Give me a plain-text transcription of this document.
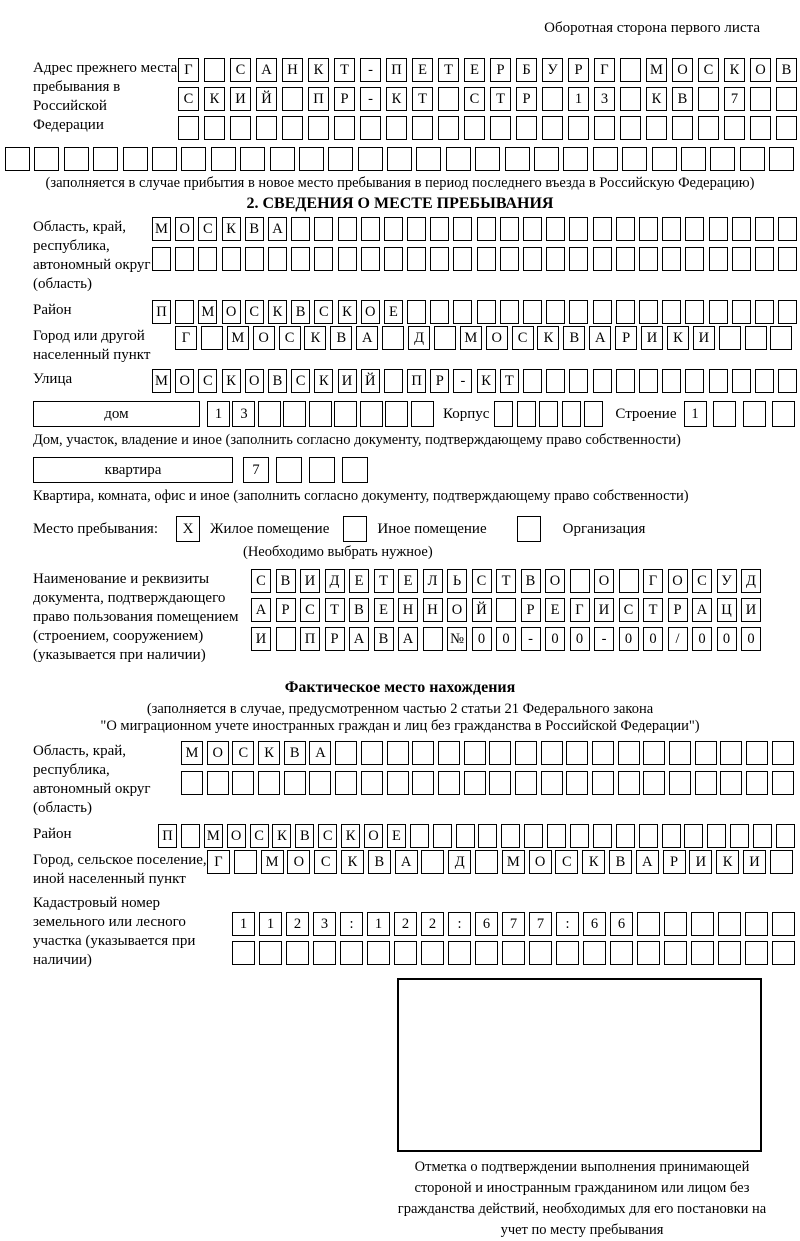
Оборотная сторона первого листа
Адрес прежнего места пребывания в Российской Федерации
Г	С	А	Н	К	Т	-	П	Е	Т	Е	Р	Б	У	Р	Г	М О	С	К	О	В
С	К	И	Й	П	Р	-	К	Т	С	Т	Р	1	3	К	В	7
(заполняется в случае прибытия в новое место пребывания в период последнего въезда в Российскую Федерацию)
2. СВЕДЕНИЯ О МЕСТЕ ПРЕБЫВАНИЯ
Область, край, республика, автономный округ (область)
М О С К В А
Район	П М О С К В С К О Е
Город или другой населенный пункт
Г	М О	С	К	В	А	Д	М О	С	К	В	А	Р	И	К	И
Улица	М О С К О В С К И Й П Р	-	К Т
дом	1	3	Корпус	Строение	1
Дом, участок, владение и иное (заполнить согласно документу, подтверждающему право собственности)
квартира	7
Квартира, комната, офис и иное (заполнить согласно документу, подтверждающему право собственности)
Место пребывания:	X	Жилое помещение	Иное помещение	Организация
(Необходимо выбрать нужное)
Наименование и реквизиты документа, подтверждающего право пользования помещением (строением, сооружением) (указывается при наличии)
С	В И Д	Е	Т	Е	Л	Ь	С	Т	В О	О	Г	О С	У Д
А	Р	С	Т	В	Е	Н Н О Й	Р	Е	Г	И С	Т	Р	А Ц И
И	П	Р	А В А	№ 0	0	-	0	0	-	0	0	/	0	0	0
Фактическое место нахождения
(заполняется в случае, предусмотренном частью 2 статьи 21 Федерального закона
"О миграционном учете иностранных граждан и лиц без гражданства в Российской Федерации")
Область, край, республика, автономный округ (область)
М О	С	К	В	А
Район	П М О С К В С К О Е
Город, сельское поселение, иной населенный пункт
Г	М	О	С	К	В	А	Д	М	О	С	К	В	А	Р	И	К	И
Кадастровый номер земельного или лесного участка (указывается при наличии)
1	1	2	3	:	1	2	2	:	6	7	7	:	6	6
Отметка о подтверждении выполнения принимающей стороной и иностранным гражданином или лицом без гражданства действий, необходимых для его постановки на учет по месту пребывания
